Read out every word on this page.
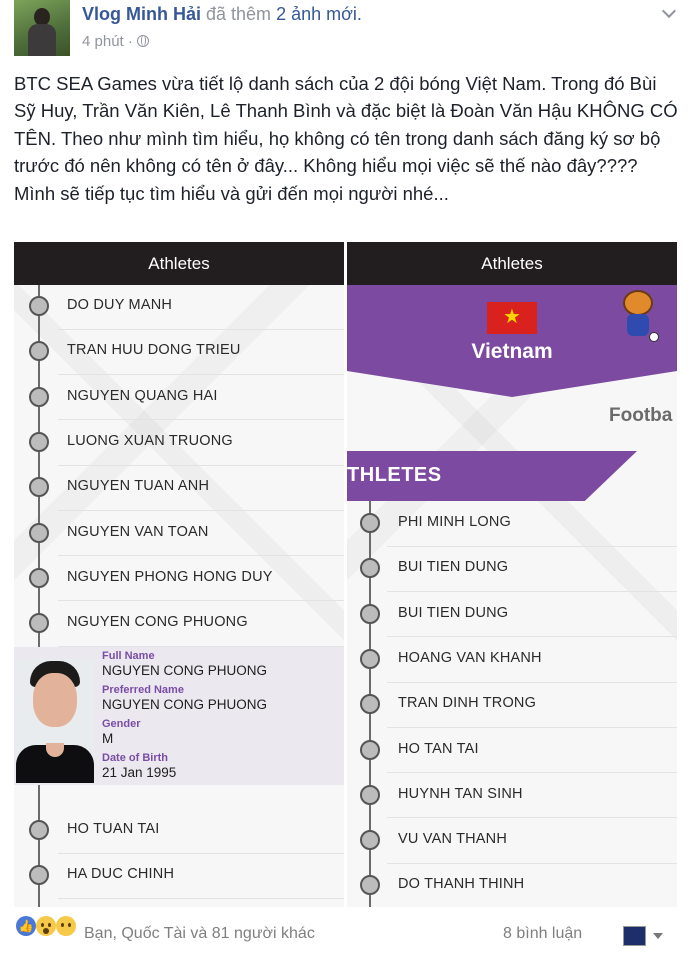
Vlog Minh Hải đã thêm 2 ảnh mới.
4 phút ·
BTC SEA Games vừa tiết lộ danh sách của 2 đội bóng Việt Nam. Trong đó Bùi Sỹ Huy, Trần Văn Kiên, Lê Thanh Bình và đặc biệt là Đoàn Văn Hậu KHÔNG CÓ TÊN. Theo như mình tìm hiểu, họ không có tên trong danh sách đăng ký sơ bộ trước đó nên không có tên ở đây... Không hiểu mọi việc sẽ thế nào đây???? Mình sẽ tiếp tục tìm hiểu và gửi đến mọi người nhé...
Athletes
DO DUY MANH
TRAN HUU DONG TRIEU
NGUYEN QUANG HAI
LUONG XUAN TRUONG
NGUYEN TUAN ANH
NGUYEN VAN TOAN
NGUYEN PHONG HONG DUY
NGUYEN CONG PHUONG
Full Name
NGUYEN CONG PHUONG
Preferred Name
NGUYEN CONG PHUONG
Gender
M
Date of Birth
21 Jan 1995
HO TUAN TAI
HA DUC CHINH
Athletes
★
Vietnam
Footba
THLETES
PHI MINH LONG
BUI TIEN DUNG
BUI TIEN DUNG
HOANG VAN KHANH
TRAN DINH TRONG
HO TAN TAI
HUYNH TAN SINH
VU VAN THANH
DO THANH THINH
👍	Bạn, Quốc Tài và 81 người khác	8 bình luận
